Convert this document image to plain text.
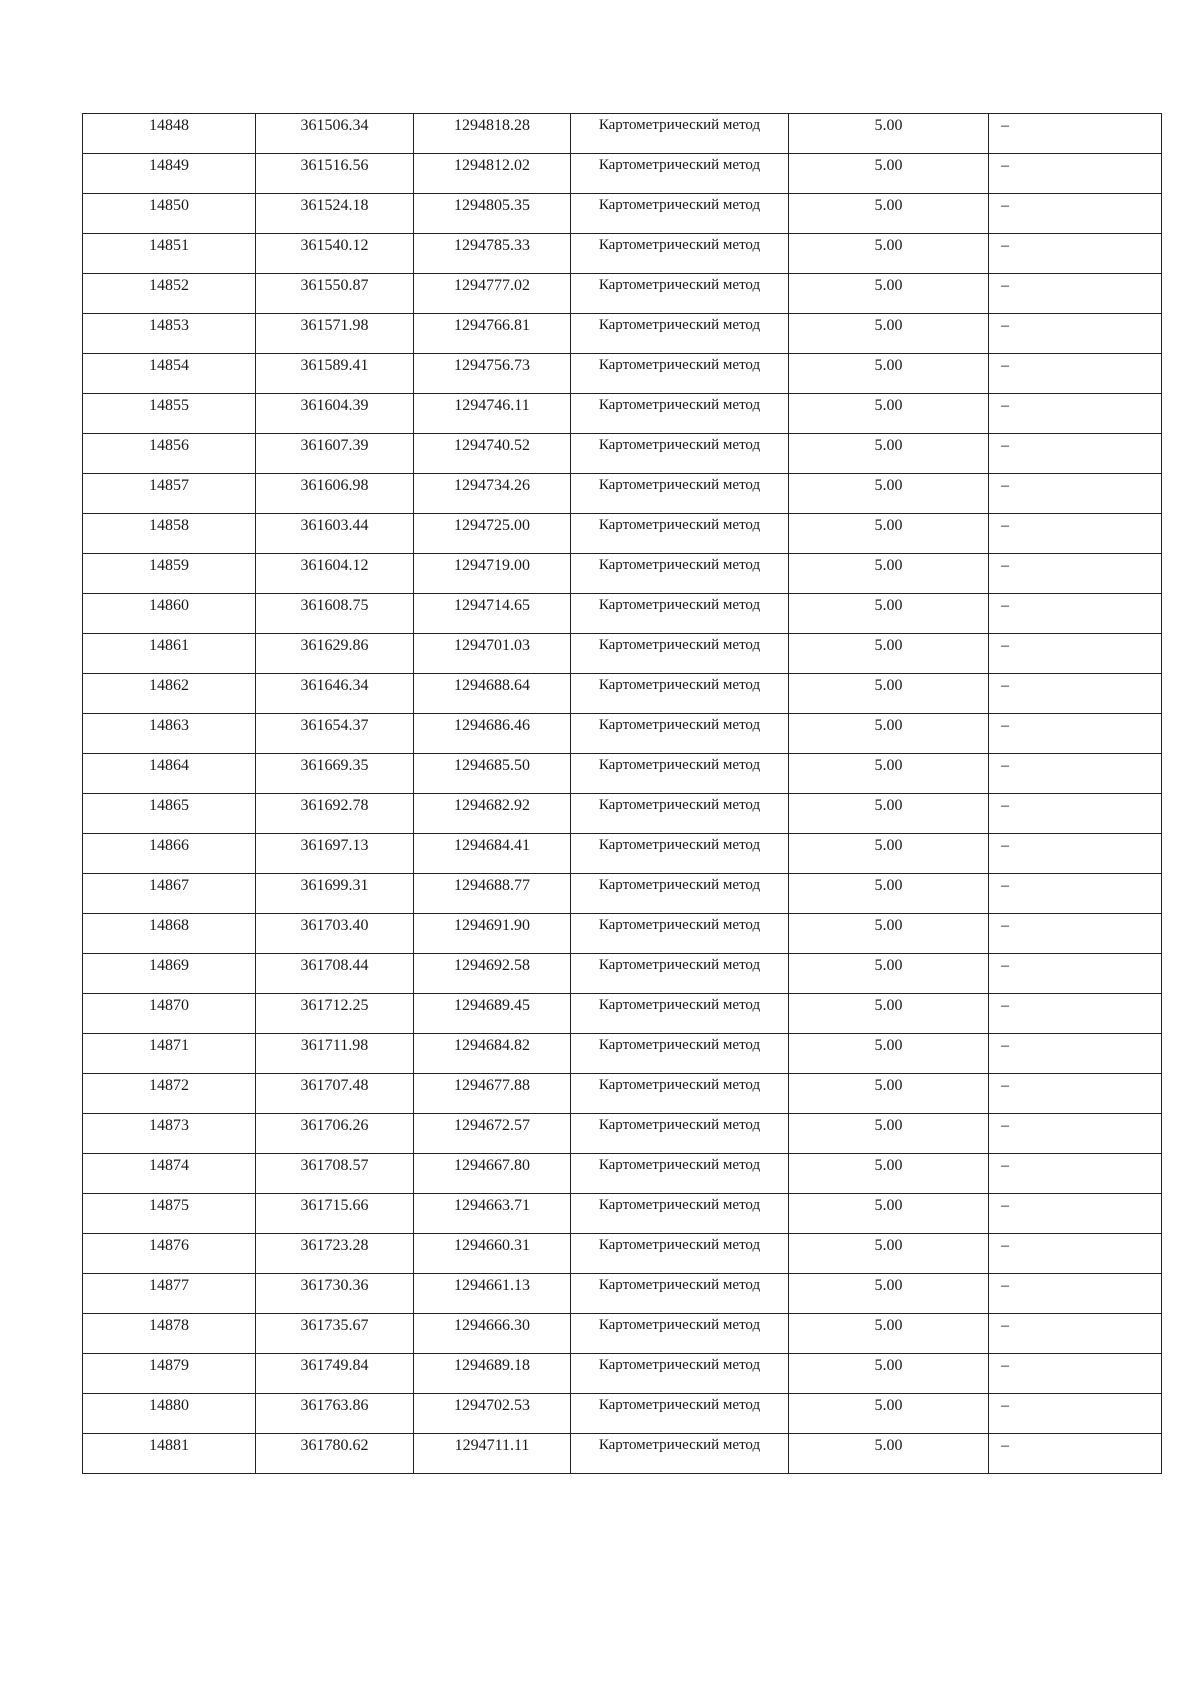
14848	361506.34	1294818.28	Картометрический метод	5.00	–
14849	361516.56	1294812.02	Картометрический метод	5.00	–
14850	361524.18	1294805.35	Картометрический метод	5.00	–
14851	361540.12	1294785.33	Картометрический метод	5.00	–
14852	361550.87	1294777.02	Картометрический метод	5.00	–
14853	361571.98	1294766.81	Картометрический метод	5.00	–
14854	361589.41	1294756.73	Картометрический метод	5.00	–
14855	361604.39	1294746.11	Картометрический метод	5.00	–
14856	361607.39	1294740.52	Картометрический метод	5.00	–
14857	361606.98	1294734.26	Картометрический метод	5.00	–
14858	361603.44	1294725.00	Картометрический метод	5.00	–
14859	361604.12	1294719.00	Картометрический метод	5.00	–
14860	361608.75	1294714.65	Картометрический метод	5.00	–
14861	361629.86	1294701.03	Картометрический метод	5.00	–
14862	361646.34	1294688.64	Картометрический метод	5.00	–
14863	361654.37	1294686.46	Картометрический метод	5.00	–
14864	361669.35	1294685.50	Картометрический метод	5.00	–
14865	361692.78	1294682.92	Картометрический метод	5.00	–
14866	361697.13	1294684.41	Картометрический метод	5.00	–
14867	361699.31	1294688.77	Картометрический метод	5.00	–
14868	361703.40	1294691.90	Картометрический метод	5.00	–
14869	361708.44	1294692.58	Картометрический метод	5.00	–
14870	361712.25	1294689.45	Картометрический метод	5.00	–
14871	361711.98	1294684.82	Картометрический метод	5.00	–
14872	361707.48	1294677.88	Картометрический метод	5.00	–
14873	361706.26	1294672.57	Картометрический метод	5.00	–
14874	361708.57	1294667.80	Картометрический метод	5.00	–
14875	361715.66	1294663.71	Картометрический метод	5.00	–
14876	361723.28	1294660.31	Картометрический метод	5.00	–
14877	361730.36	1294661.13	Картометрический метод	5.00	–
14878	361735.67	1294666.30	Картометрический метод	5.00	–
14879	361749.84	1294689.18	Картометрический метод	5.00	–
14880	361763.86	1294702.53	Картометрический метод	5.00	–
14881	361780.62	1294711.11	Картометрический метод	5.00	–
